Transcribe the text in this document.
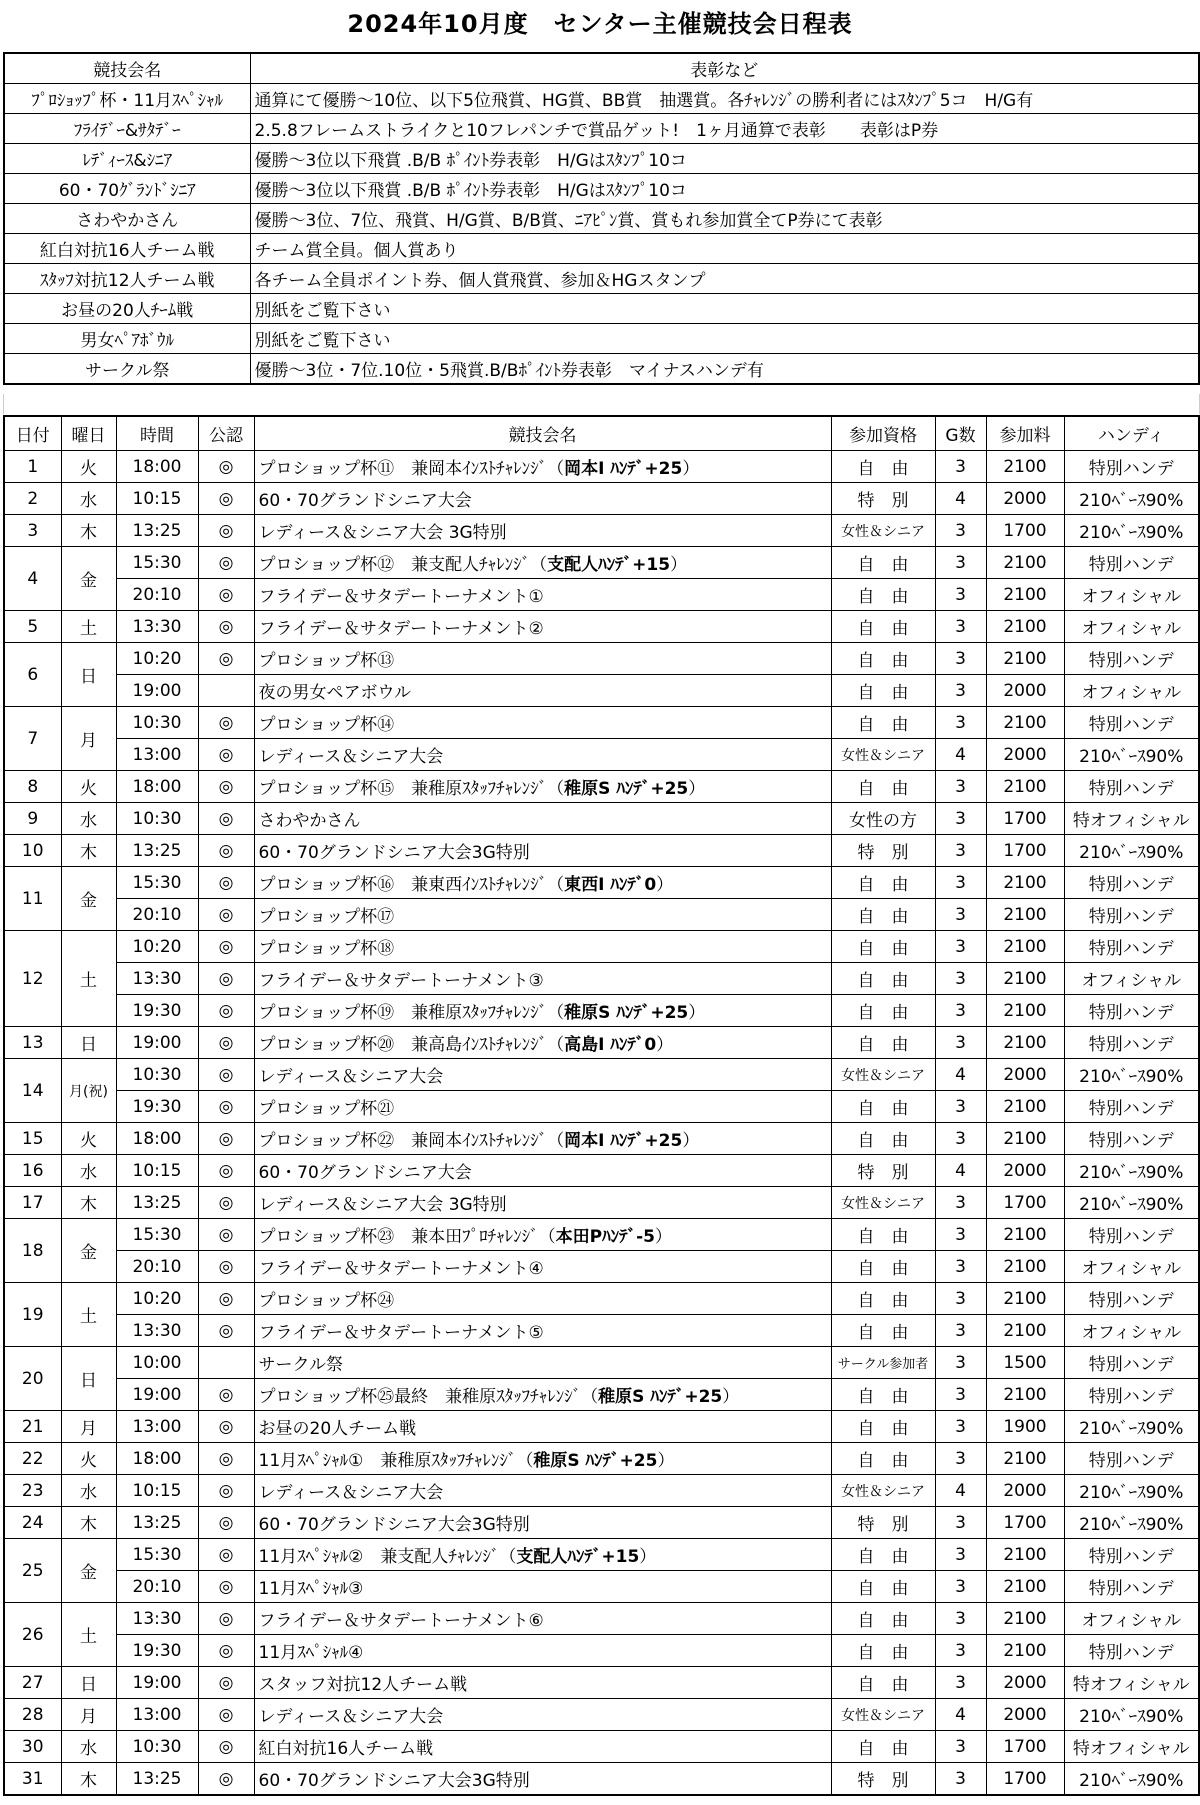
2024年10月度　センター主催競技会日程表
競技会名	表彰など
ﾌﾟﾛｼｮｯﾌﾟ杯・11月ｽﾍﾟｼｬﾙ	通算にて優勝～10位、以下5位飛賞、HG賞、BB賞　抽選賞。各ﾁｬﾚﾝｼﾞの勝利者にはｽﾀﾝﾌﾟ5コ　H/G有
ﾌﾗｲﾃﾞｰ&ｻﾀﾃﾞｰ	2.5.8フレームストライクと10フレパンチで賞品ゲット!　1ヶ月通算で表彰　　表彰はP券
ﾚﾃﾞｨｰｽ&ｼﾆｱ	優勝～3位以下飛賞 .B/B ﾎﾟｲﾝﾄ券表彰　H/Gはｽﾀﾝﾌﾟ10コ
60・70ｸﾞﾗﾝﾄﾞｼﾆｱ	優勝～3位以下飛賞 .B/B ﾎﾟｲﾝﾄ券表彰　H/Gはｽﾀﾝﾌﾟ10コ
さわやかさん	優勝～3位、7位、飛賞、H/G賞、B/B賞、ﾆｱﾋﾟﾝ賞、賞もれ参加賞全てP券にて表彰
紅白対抗16人チーム戦	チーム賞全員。個人賞あり
ｽﾀｯﾌ対抗12人チーム戦	各チーム全員ポイント券、個人賞飛賞、参加＆HGスタンプ
お昼の20人ﾁｰﾑ戦	別紙をご覧下さい
男女ﾍﾟｱﾎﾞｳﾙ	別紙をご覧下さい
サークル祭	優勝～3位・7位.10位・5飛賞.B/Bﾎﾟｲﾝﾄ券表彰　マイナスハンデ有
日付	曜日	時間	公認	競技会名	参加資格	G数	参加料	ハンディ
1	火	18:00	◎	プロショップ杯⑪　兼岡本ｲﾝｽﾄﾁｬﾚﾝｼﾞ（岡本I ﾊﾝﾃﾞ+25）	自　由	3	2100	特別ハンデ
2	水	10:15	◎	60・70グランドシニア大会	特　別	4	2000	210ﾍﾞｰｽ90%
3	木	13:25	◎	レディース＆シニア大会 3G特別	女性＆シニア	3	1700	210ﾍﾞｰｽ90%
4	金	15:30	◎	プロショップ杯⑫　兼支配人ﾁｬﾚﾝｼﾞ（支配人ﾊﾝﾃﾞ+15）	自　由	3	2100	特別ハンデ
		20:10	◎	フライデー＆サタデートーナメント①	自　由	3	2100	オフィシャル
5	土	13:30	◎	フライデー＆サタデートーナメント②	自　由	3	2100	オフィシャル
6	日	10:20	◎	プロショップ杯⑬	自　由	3	2100	特別ハンデ
		19:00		夜の男女ペアボウル	自　由	3	2000	オフィシャル
7	月	10:30	◎	プロショップ杯⑭	自　由	3	2100	特別ハンデ
		13:00	◎	レディース＆シニア大会	女性＆シニア	4	2000	210ﾍﾞｰｽ90%
8	火	18:00	◎	プロショップ杯⑮　兼稚原ｽﾀｯﾌﾁｬﾚﾝｼﾞ（稚原S ﾊﾝﾃﾞ+25）	自　由	3	2100	特別ハンデ
9	水	10:30	◎	さわやかさん	女性の方	3	1700	特オフィシャル
10	木	13:25	◎	60・70グランドシニア大会3G特別	特　別	3	1700	210ﾍﾞｰｽ90%
11	金	15:30	◎	プロショップ杯⑯　兼東西ｲﾝｽﾄﾁｬﾚﾝｼﾞ（東西I ﾊﾝﾃﾞ0）	自　由	3	2100	特別ハンデ
		20:10	◎	プロショップ杯⑰	自　由	3	2100	特別ハンデ
12	土	10:20	◎	プロショップ杯⑱	自　由	3	2100	特別ハンデ
		13:30	◎	フライデー＆サタデートーナメント③	自　由	3	2100	オフィシャル
		19:30	◎	プロショップ杯⑲　兼稚原ｽﾀｯﾌﾁｬﾚﾝｼﾞ（稚原S ﾊﾝﾃﾞ+25）	自　由	3	2100	特別ハンデ
13	日	19:00	◎	プロショップ杯⑳　兼高島ｲﾝｽﾄﾁｬﾚﾝｼﾞ（高島I ﾊﾝﾃﾞ0）	自　由	3	2100	特別ハンデ
14	月(祝)	10:30	◎	レディース＆シニア大会	女性＆シニア	4	2000	210ﾍﾞｰｽ90%
		19:30	◎	プロショップ杯㉑	自　由	3	2100	特別ハンデ
15	火	18:00	◎	プロショップ杯㉒　兼岡本ｲﾝｽﾄﾁｬﾚﾝｼﾞ（岡本I ﾊﾝﾃﾞ+25）	自　由	3	2100	特別ハンデ
16	水	10:15	◎	60・70グランドシニア大会	特　別	4	2000	210ﾍﾞｰｽ90%
17	木	13:25	◎	レディース＆シニア大会 3G特別	女性＆シニア	3	1700	210ﾍﾞｰｽ90%
18	金	15:30	◎	プロショップ杯㉓　兼本田ﾌﾟﾛﾁｬﾚﾝｼﾞ（本田Pﾊﾝﾃﾞ-5）	自　由	3	2100	特別ハンデ
		20:10	◎	フライデー＆サタデートーナメント④	自　由	3	2100	オフィシャル
19	土	10:20	◎	プロショップ杯㉔	自　由	3	2100	特別ハンデ
		13:30	◎	フライデー＆サタデートーナメント⑤	自　由	3	2100	オフィシャル
20	日	10:00		サークル祭	サークル参加者	3	1500	特別ハンデ
		19:00	◎	プロショップ杯㉕最終　兼稚原ｽﾀｯﾌﾁｬﾚﾝｼﾞ（稚原S ﾊﾝﾃﾞ+25）	自　由	3	2100	特別ハンデ
21	月	13:00	◎	お昼の20人チーム戦	自　由	3	1900	210ﾍﾞｰｽ90%
22	火	18:00	◎	11月ｽﾍﾟｼｬﾙ①　兼稚原ｽﾀｯﾌﾁｬﾚﾝｼﾞ（稚原S ﾊﾝﾃﾞ+25）	自　由	3	2100	特別ハンデ
23	水	10:15	◎	レディース＆シニア大会	女性＆シニア	4	2000	210ﾍﾞｰｽ90%
24	木	13:25	◎	60・70グランドシニア大会3G特別	特　別	3	1700	210ﾍﾞｰｽ90%
25	金	15:30	◎	11月ｽﾍﾟｼｬﾙ②　兼支配人ﾁｬﾚﾝｼﾞ（支配人ﾊﾝﾃﾞ+15）	自　由	3	2100	特別ハンデ
		20:10	◎	11月ｽﾍﾟｼｬﾙ③	自　由	3	2100	特別ハンデ
26	土	13:30	◎	フライデー＆サタデートーナメント⑥	自　由	3	2100	オフィシャル
		19:30	◎	11月ｽﾍﾟｼｬﾙ④	自　由	3	2100	特別ハンデ
27	日	19:00	◎	スタッフ対抗12人チーム戦	自　由	3	2000	特オフィシャル
28	月	13:00	◎	レディース＆シニア大会	女性＆シニア	4	2000	210ﾍﾞｰｽ90%
30	水	10:30	◎	紅白対抗16人チーム戦	自　由	3	1700	特オフィシャル
31	木	13:25	◎	60・70グランドシニア大会3G特別	特　別	3	1700	210ﾍﾞｰｽ90%
